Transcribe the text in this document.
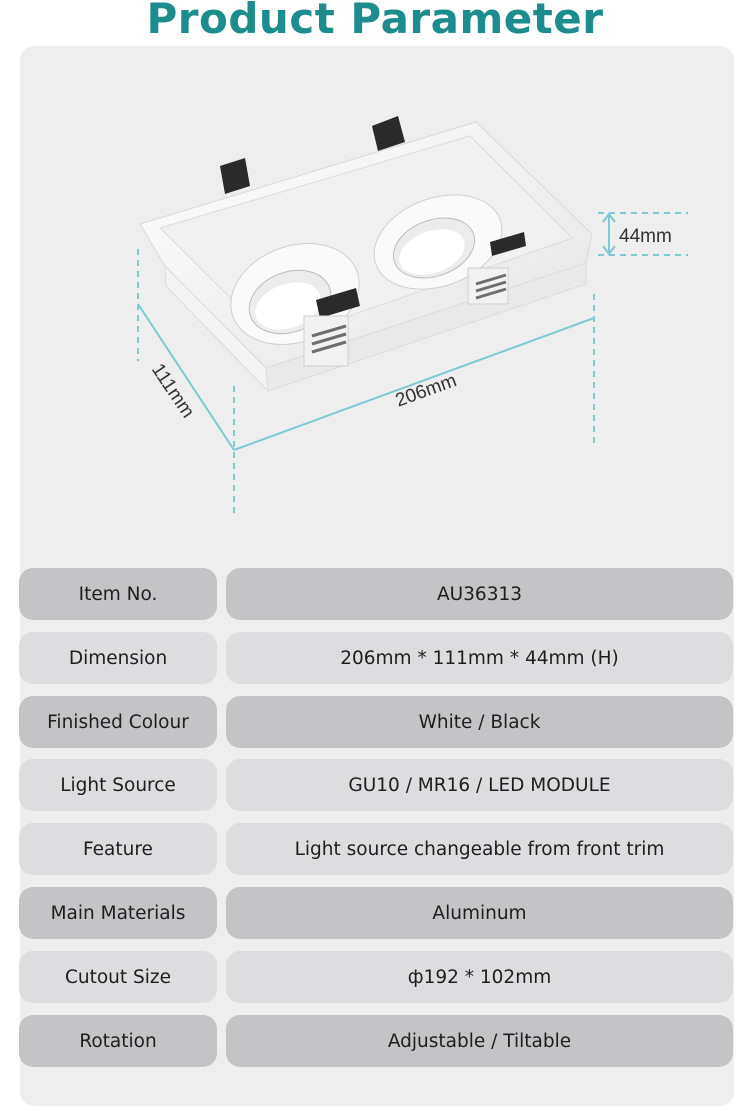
Product Parameter
44mm
111mm	206mm
Item No.	AU36313
Dimension	206mm * 111mm * 44mm (H)
Finished Colour	White / Black
Light Source	GU10 / MR16 / LED MODULE
Feature	Light source changeable from front trim
Main Materials	Aluminum
Cutout Size	ф192 * 102mm
Rotation	Adjustable / Tiltable
